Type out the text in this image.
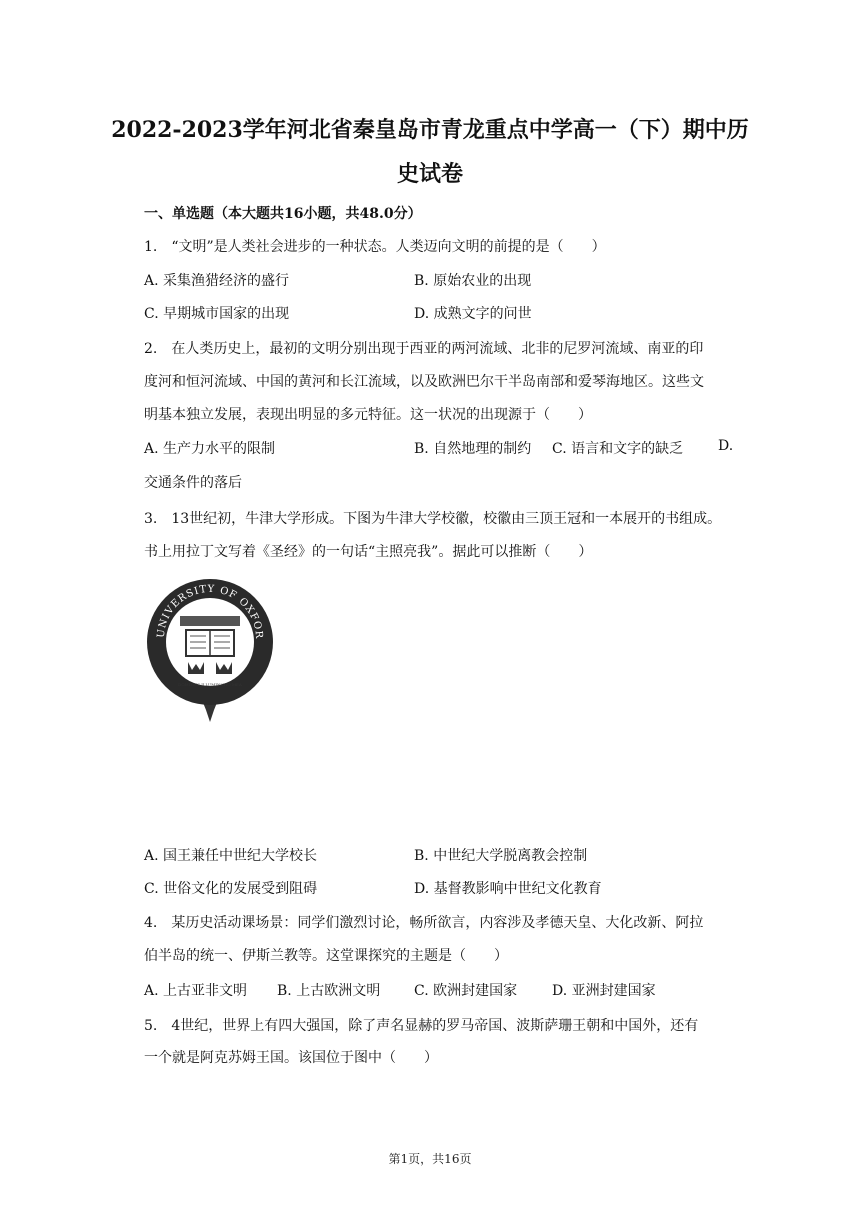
2022-2023学年河北省秦皇岛市青龙重点中学高一（下）期中历
史试卷
一、单选题（本大题共16小题，共48.0分）
1.　“文明”是人类社会进步的一种状态。人类迈向文明的前提的是（　　）
A. 采集渔猎经济的盛行	B. 原始农业的出现
C. 早期城市国家的出现	D. 成熟文字的问世
2.　在人类历史上，最初的文明分别出现于西亚的两河流域、北非的尼罗河流域、南亚的印
度河和恒河流域、中国的黄河和长江流域，以及欧洲巴尔干半岛南部和爱琴海地区。这些文
明基本独立发展，表现出明显的多元特征。这一状况的出现源于（　　）
A. 生产力水平的限制	B. 自然地理的制约 C. 语言和文字的缺乏 D.
交通条件的落后
3.　13世纪初，牛津大学形成。下图为牛津大学校徽，校徽由三顶王冠和一本展开的书组成。
书上用拉丁文写着《圣经》的一句话“主照亮我”。据此可以推断（　　）
UNIVERSITY OF OXFOR
DOMINUS ILLUMINATIO MEA
A. 国王兼任中世纪大学校长	B. 中世纪大学脱离教会控制
C. 世俗文化的发展受到阻碍	D. 基督教影响中世纪文化教育
4.　某历史活动课场景：同学们激烈讨论，畅所欲言，内容涉及孝德天皇、大化改新、阿拉
伯半岛的统一、伊斯兰教等。这堂课探究的主题是（　　）
A. 上古亚非文明 B. 上古欧洲文明 C. 欧洲封建国家 D. 亚洲封建国家
5.　4世纪，世界上有四大强国，除了声名显赫的罗马帝国、波斯萨珊王朝和中国外，还有
一个就是阿克苏姆王国。该国位于图中（　　）
第1页，共16页
